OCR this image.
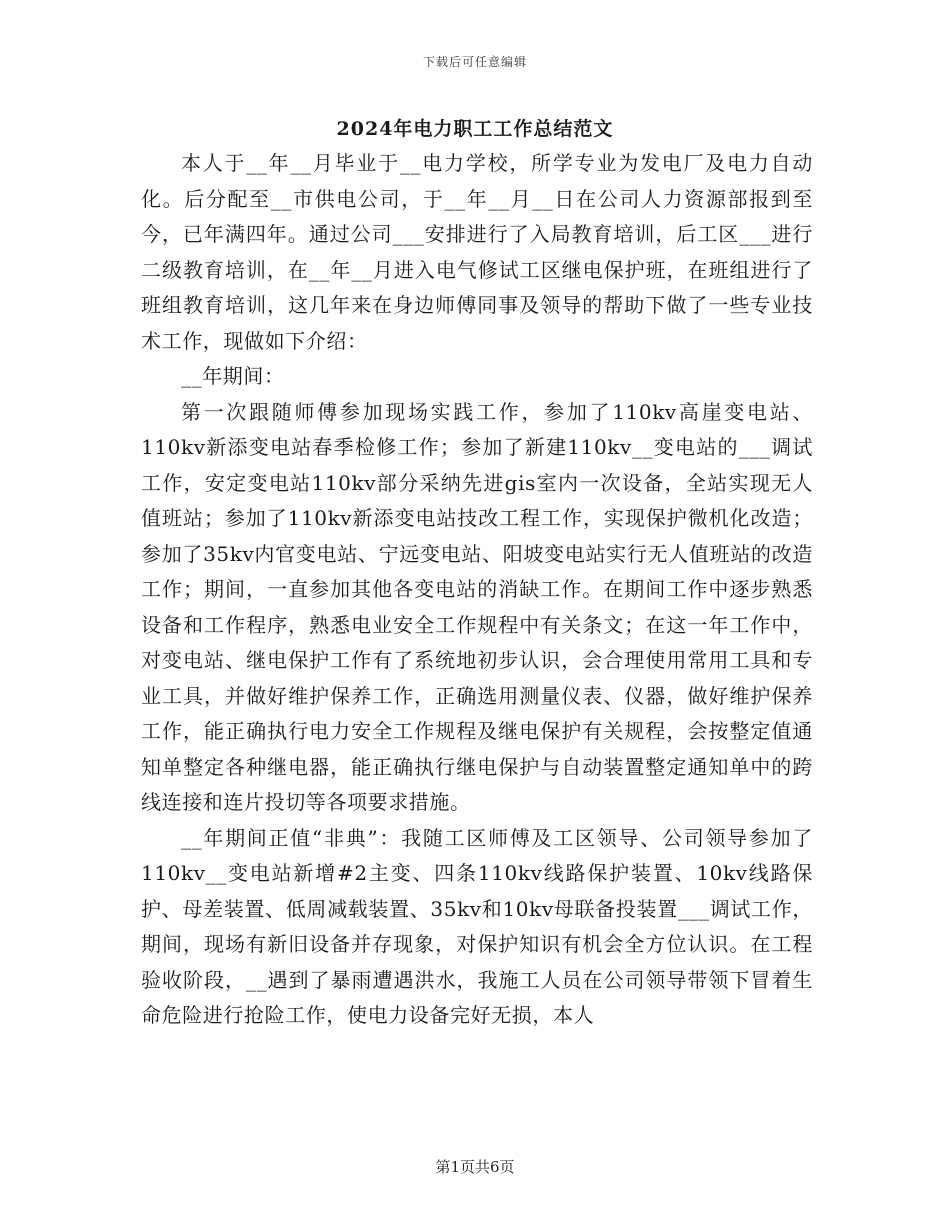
下载后可任意编辑
2024年电力职工工作总结范文

本人于__年__月毕业于__电力学校，所学专业为发电厂及电力自动化。后分配至__市供电公司，于__年__月__日在公司人力资源部报到至今，已年满四年。通过公司___安排进行了入局教育培训，后工区___进行二级教育培训，在__年__月进入电气修试工区继电保护班，在班组进行了班组教育培训，这几年来在身边师傅同事及领导的帮助下做了一些专业技术工作，现做如下介绍：

__年期间：

第一次跟随师傅参加现场实践工作，参加了110kv高崖变电站、110kv新添变电站春季检修工作；参加了新建110kv__变电站的___调试工作，安定变电站110kv部分采纳先进gis室内一次设备，全站实现无人值班站；参加了110kv新添变电站技改工程工作，实现保护微机化改造；参加了35kv内官变电站、宁远变电站、阳坡变电站实行无人值班站的改造工作；期间，一直参加其他各变电站的消缺工作。在期间工作中逐步熟悉设备和工作程序，熟悉电业安全工作规程中有关条文；在这一年工作中，对变电站、继电保护工作有了系统地初步认识，会合理使用常用工具和专业工具，并做好维护保养工作，正确选用测量仪表、仪器，做好维护保养工作，能正确执行电力安全工作规程及继电保护有关规程，会按整定值通知单整定各种继电器，能正确执行继电保护与自动装置整定通知单中的跨线连接和连片投切等各项要求措施。

__年期间正值“非典”：我随工区师傅及工区领导、公司领导参加了110kv__变电站新增#2主变、四条110kv线路保护装置、10kv线路保护、母差装置、低周减载装置、35kv和10kv母联备投装置___调试工作，期间，现场有新旧设备并存现象，对保护知识有机会全方位认识。在工程验收阶段，__遇到了暴雨遭遇洪水，我施工人员在公司领导带领下冒着生命危险进行抢险工作，使电力设备完好无损，本人

第1页共6页
